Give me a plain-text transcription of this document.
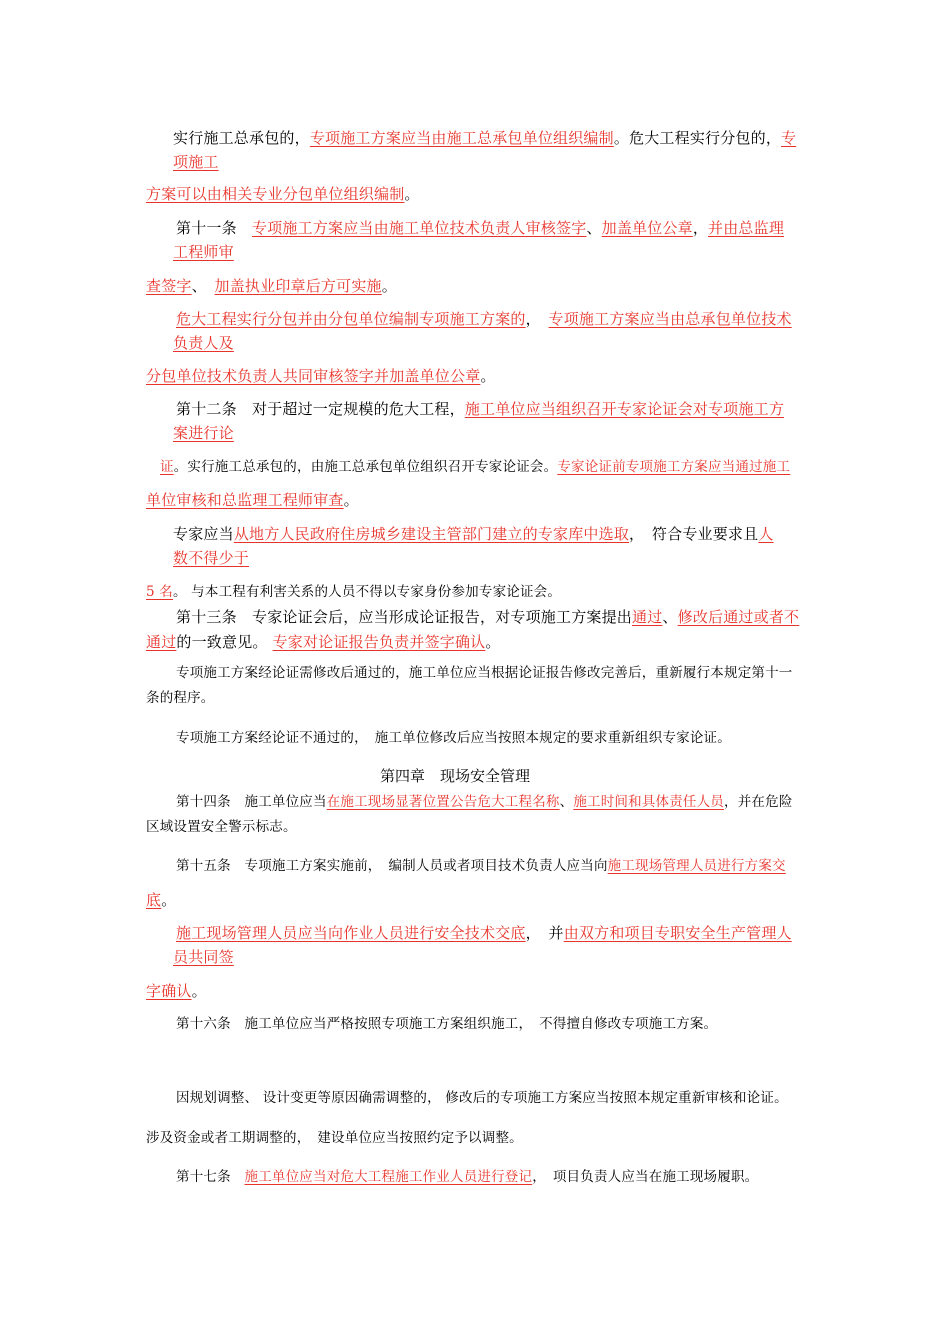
实行施工总承包的，专项施工方案应当由施工总承包单位组织编制。危大工程实行分包的，专
项施工
方案可以由相关专业分包单位组织编制。
第十一条　专项施工方案应当由施工单位技术负责人审核签字、加盖单位公章，并由总监理
工程师审
查签字、　加盖执业印章后方可实施。
危大工程实行分包并由分包单位编制专项施工方案的，　专项施工方案应当由总承包单位技术
负责人及
分包单位技术负责人共同审核签字并加盖单位公章。
第十二条　对于超过一定规模的危大工程，施工单位应当组织召开专家论证会对专项施工方
案进行论
证。实行施工总承包的，由施工总承包单位组织召开专家论证会。专家论证前专项施工方案应当通过施工
单位审核和总监理工程师审查。
专家应当从地方人民政府住房城乡建设主管部门建立的专家库中选取，　符合专业要求且人
数不得少于
5 名。 与本工程有利害关系的人员不得以专家身份参加专家论证会。
第十三条　专家论证会后，应当形成论证报告，对专项施工方案提出通过、修改后通过或者不
通过的一致意见。 专家对论证报告负责并签字确认。
专项施工方案经论证需修改后通过的，施工单位应当根据论证报告修改完善后，重新履行本规定第十一
条的程序。
专项施工方案经论证不通过的，　施工单位修改后应当按照本规定的要求重新组织专家论证。
第四章　现场安全管理
第十四条　施工单位应当在施工现场显著位置公告危大工程名称、施工时间和具体责任人员，并在危险
区域设置安全警示标志。
第十五条　专项施工方案实施前，　编制人员或者项目技术负责人应当向施工现场管理人员进行方案交
底。
施工现场管理人员应当向作业人员进行安全技术交底，　并由双方和项目专职安全生产管理人
员共同签
字确认。
第十六条　施工单位应当严格按照专项施工方案组织施工，　不得擅自修改专项施工方案。
因规划调整、 设计变更等原因确需调整的， 修改后的专项施工方案应当按照本规定重新审核和论证。
涉及资金或者工期调整的，　建设单位应当按照约定予以调整。
第十七条　施工单位应当对危大工程施工作业人员进行登记，　项目负责人应当在施工现场履职。
